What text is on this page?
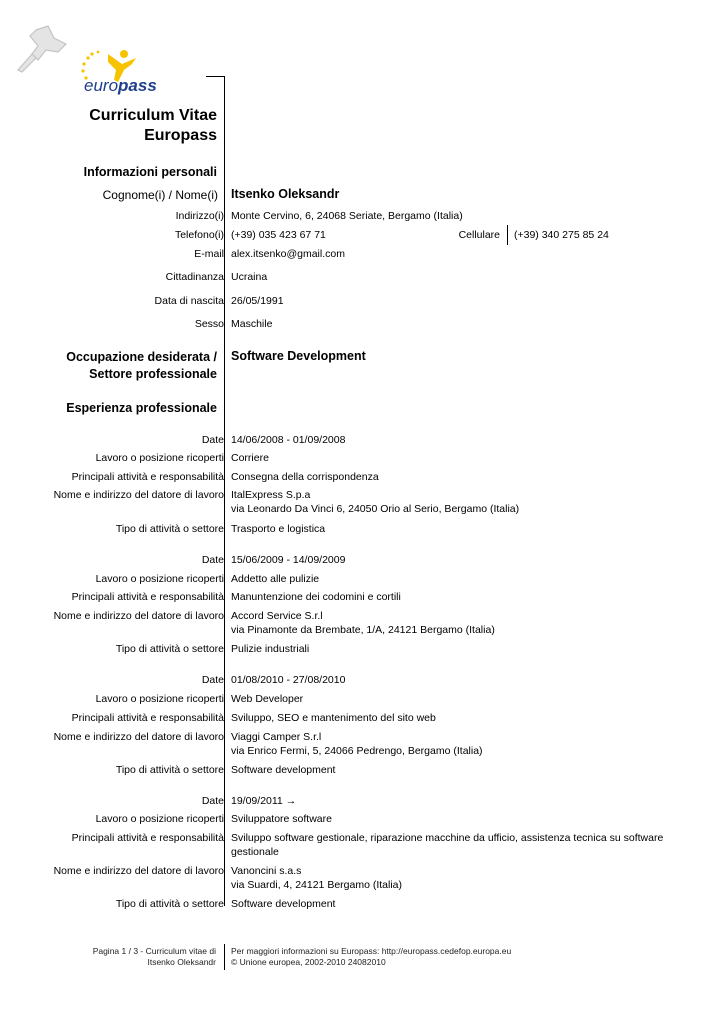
europass
Curriculum Vitae
Europass
Informazioni personali
Cognome(i) / Nome(i) Itsenko Oleksandr
Indirizzo(i) Monte Cervino, 6, 24068 Seriate, Bergamo (Italia)
Telefono(i) (+39) 035 423 67 71	Cellulare (+39) 340 275 85 24
E-mail alex.itsenko@gmail.com
Cittadinanza Ucraina
Data di nascita 26/05/1991
Sesso Maschile
Occupazione desiderata /
Settore professionale
Software Development
Esperienza professionale
Date 14/06/2008 - 01/09/2008
Lavoro o posizione ricoperti Corriere
Principali attività e responsabilità Consegna della corrispondenza
Nome e indirizzo del datore di lavoro ItalExpress S.p.a
via Leonardo Da Vinci 6, 24050 Orio al Serio, Bergamo (Italia)
Tipo di attività o settore Trasporto e logistica
Date 15/06/2009 - 14/09/2009
Lavoro o posizione ricoperti Addetto alle pulizie
Principali attività e responsabilità Manuntenzione dei codomini e cortili
Nome e indirizzo del datore di lavoro Accord Service S.r.l
via Pinamonte da Brembate, 1/A, 24121 Bergamo (Italia)
Tipo di attività o settore Pulizie industriali
Date 01/08/2010 - 27/08/2010
Lavoro o posizione ricoperti Web Developer
Principali attività e responsabilità Sviluppo, SEO e mantenimento del sito web
Nome e indirizzo del datore di lavoro Viaggi Camper S.r.l
via Enrico Fermi, 5, 24066 Pedrengo, Bergamo (Italia)
Tipo di attività o settore Software development
Date 19/09/2011 →
Lavoro o posizione ricoperti Sviluppatore software
Principali attività e responsabilità Sviluppo software gestionale, riparazione macchine da ufficio, assistenza tecnica su software
gestionale
Nome e indirizzo del datore di lavoro Vanoncini s.a.s
via Suardi, 4, 24121 Bergamo (Italia)
Tipo di attività o settore Software development
Pagina 1 / 3 - Curriculum vitae di
Itsenko Oleksandr
Per maggiori informazioni su Europass: http://europass.cedefop.europa.eu
© Unione europea, 2002-2010 24082010
